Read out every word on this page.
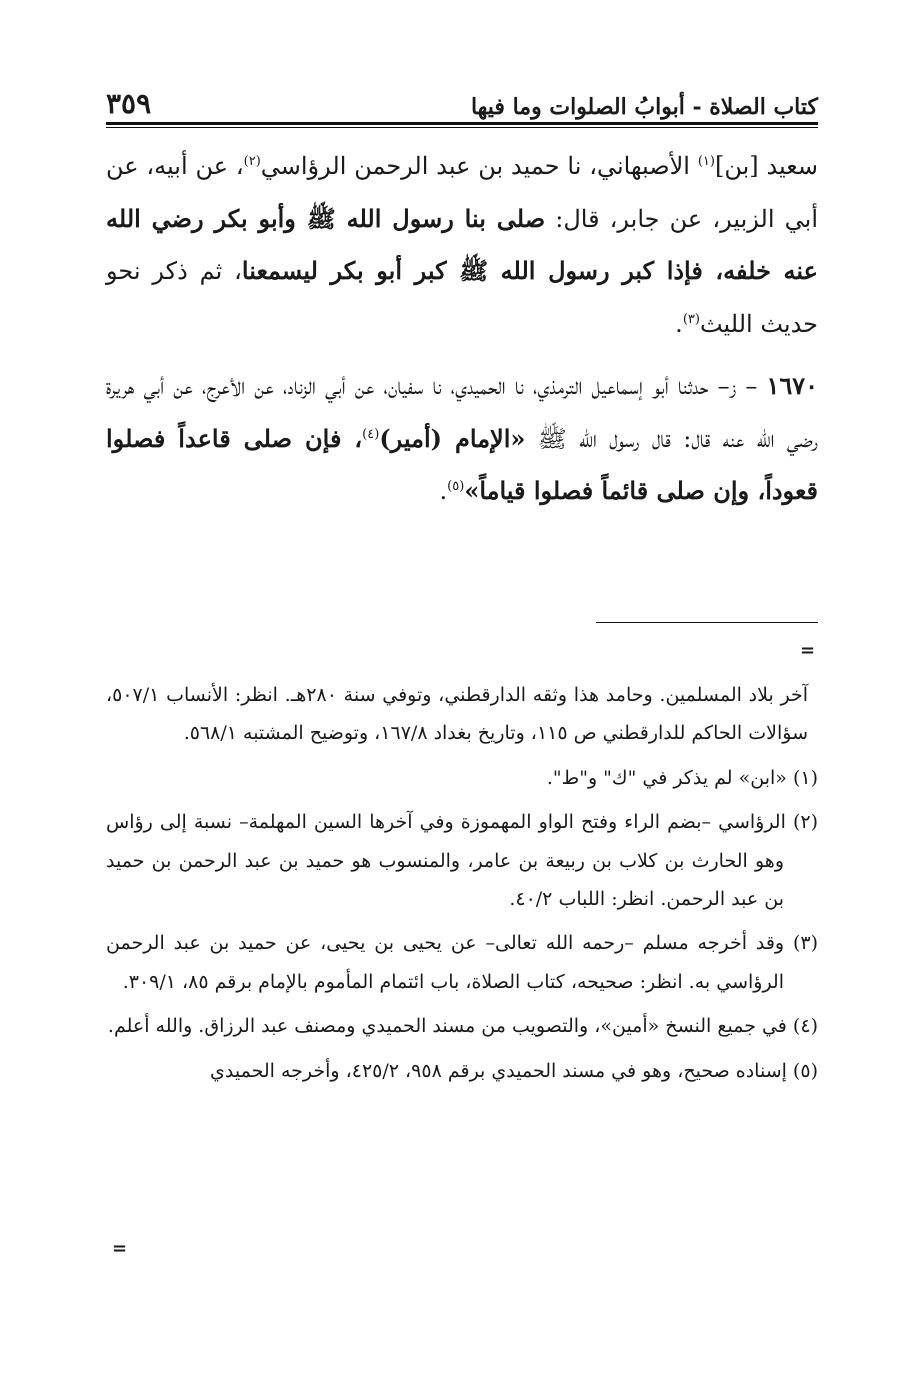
كتاب الصلاة - أبوابُ الصلوات وما فيها
٣٥٩

سعيد [بن]$^{(١)}$ الأصبهاني، نا حميد بن عبد الرحمن الرؤاسي$^{(٢)}$، عن أبيه، عن أبي الزبير، عن جابر، قال: صلى بنا رسول الله ﷺ وأبو بكر رضي الله عنه خلفه، فإذا كبر رسول الله ﷺ كبر أبو بكر ليسمعنا، ثم ذكر نحو حديث الليث$^{(٣)}$.

١٦٧٠ – ز– حدثنا أبو إسماعيل الترمذي، نا الحميدي، نا سفيان، عن أبي الزناد، عن الأعرج، عن أبي هريرة رضي الله عنه قال: قال رسول الله ﷺ «الإمام (أمير)$^{(٤)}$، فإن صلى قاعداً فصلوا قعوداً، وإن صلى قائماً فصلوا قياماً»$^{(٥)}$.

=

آخر بلاد المسلمين. وحامد هذا وثقه الدارقطني، وتوفي سنة ٢٨٠هـ. انظر: الأنساب ٥٠٧/١، سؤالات الحاكم للدارقطني ص ١١٥، وتاريخ بغداد ١٦٧/٨، وتوضيح المشتبه ٥٦٨/١.

(١) «ابن» لم يذكر في "ك" و"ط".

(٢) الرؤاسي –بضم الراء وفتح الواو المهموزة وفي آخرها السين المهلمة– نسبة إلى رؤاس وهو الحارث بن كلاب بن ربيعة بن عامر، والمنسوب هو حميد بن عبد الرحمن بن حميد بن عبد الرحمن. انظر: اللباب ٤٠/٢.

(٣) وقد أخرجه مسلم –رحمه الله تعالى– عن يحيى بن يحيى، عن حميد بن عبد الرحمن الرؤاسي به. انظر: صحيحه، كتاب الصلاة، باب ائتمام المأموم بالإمام برقم ٨٥، ٣٠٩/١.

(٤) في جميع النسخ «أمين»، والتصويب من مسند الحميدي ومصنف عبد الرزاق. والله أعلم.

(٥) إسناده صحيح، وهو في مسند الحميدي برقم ٩٥٨، ٤٢٥/٢، وأخرجه الحميدي

=
